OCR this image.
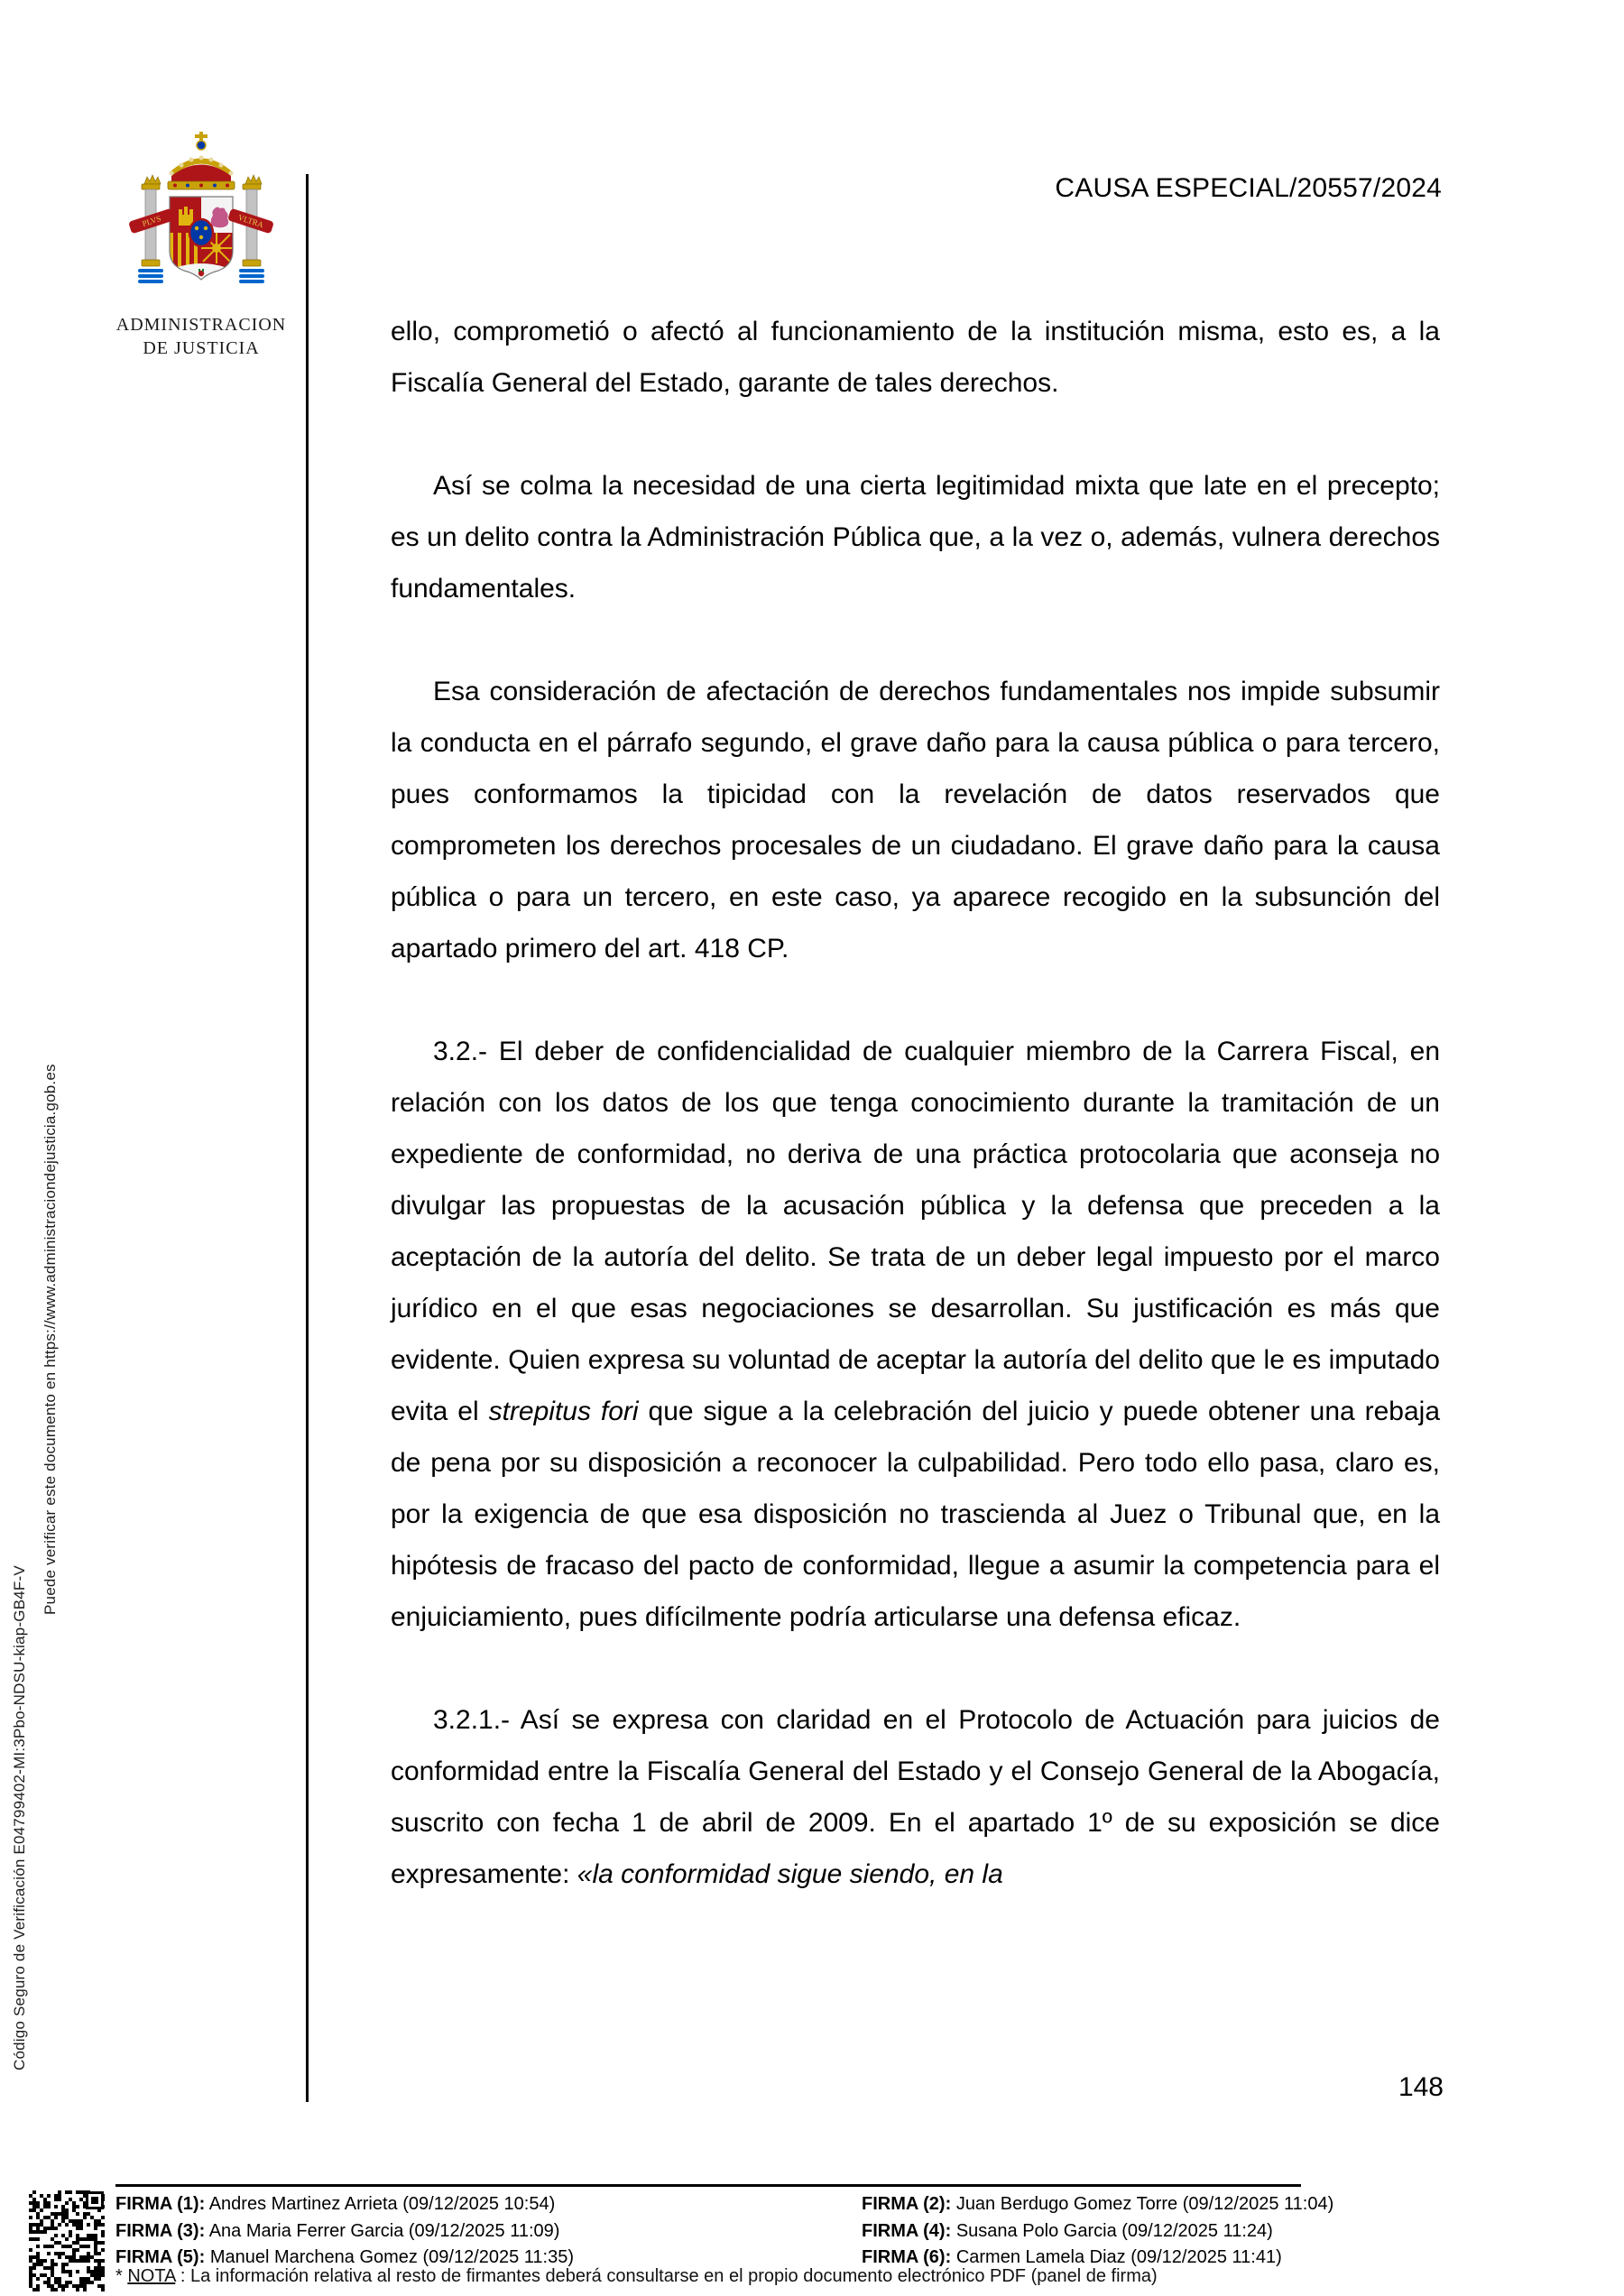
PLVS	VLTRA
ADMINISTRACION
DE JUSTICIA
CAUSA ESPECIAL/20557/2024

ello, comprometió o afectó al funcionamiento de la institución misma, esto es, a la Fiscalía General del Estado, garante de tales derechos.

Así se colma la necesidad de una cierta legitimidad mixta que late en el precepto; es un delito contra la Administración Pública que, a la vez o, además, vulnera derechos fundamentales.

Esa consideración de afectación de derechos fundamentales nos impide subsumir la conducta en el párrafo segundo, el grave daño para la causa pública o para tercero, pues conformamos la tipicidad con la revelación de datos reservados que comprometen los derechos procesales de un ciudadano. El grave daño para la causa pública o para un tercero, en este caso, ya aparece recogido en la subsunción del apartado primero del art. 418 CP.

3.2.- El deber de confidencialidad de cualquier miembro de la Carrera Fiscal, en relación con los datos de los que tenga conocimiento durante la tramitación de un expediente de conformidad, no deriva de una práctica protocolaria que aconseja no divulgar las propuestas de la acusación pública y la defensa que preceden a la aceptación de la autoría del delito. Se trata de un deber legal impuesto por el marco jurídico en el que esas negociaciones se desarrollan. Su justificación es más que evidente. Quien expresa su voluntad de aceptar la autoría del delito que le es imputado evita el strepitus fori que sigue a la celebración del juicio y puede obtener una rebaja de pena por su disposición a reconocer la culpabilidad. Pero todo ello pasa, claro es, por la exigencia de que esa disposición no trascienda al Juez o Tribunal que, en la hipótesis de fracaso del pacto de conformidad, llegue a asumir la competencia para el enjuiciamiento, pues difícilmente podría articularse una defensa eficaz.

3.2.1.- Así se expresa con claridad en el Protocolo de Actuación para juicios de conformidad entre la Fiscalía General del Estado y el Consejo General de la Abogacía, suscrito con fecha 1 de abril de 2009. En el apartado 1º de su exposición se dice expresamente: «la conformidad sigue siendo, en la

Código Seguro de Verificación E04799402-MI:3Pbo-NDSU-kiap-GB4F-V
Puede verificar este documento en https://www.administraciondejusticia.gob.es
148
FIRMA (1): Andres Martinez Arrieta (09/12/2025 10:54)	FIRMA (2): Juan Berdugo Gomez Torre (09/12/2025 11:04)
FIRMA (3): Ana Maria Ferrer Garcia (09/12/2025 11:09)	FIRMA (4): Susana Polo Garcia (09/12/2025 11:24)
FIRMA (5): Manuel Marchena Gomez (09/12/2025 11:35)	FIRMA (6): Carmen Lamela Diaz (09/12/2025 11:41)
* NOTA : La información relativa al resto de firmantes deberá consultarse en el propio documento electrónico PDF (panel de firma)
